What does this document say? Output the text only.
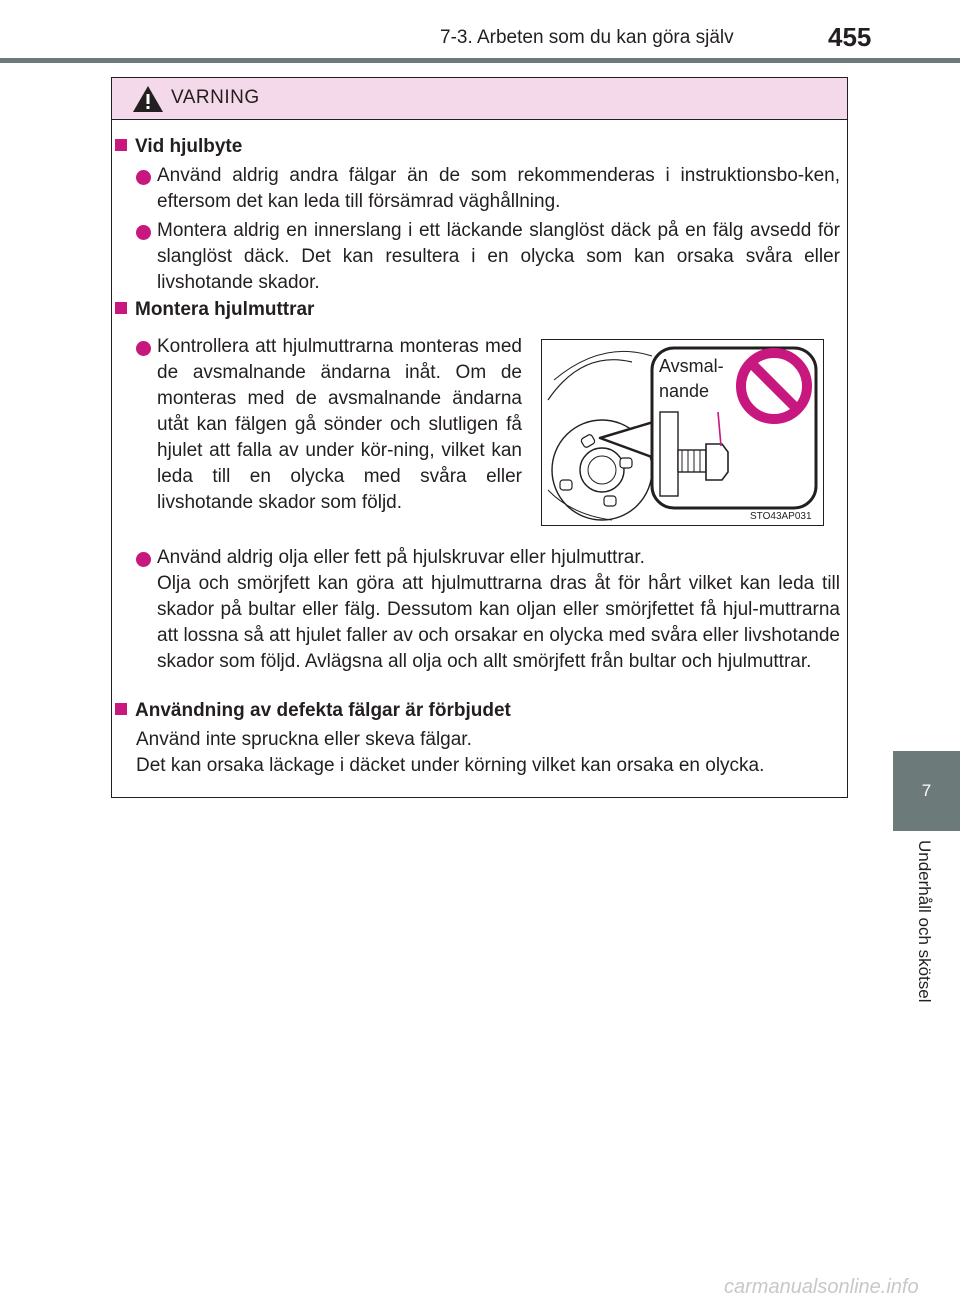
7-3. Arbeten som du kan göra själv	455
7
Underhåll och skötsel
VARNING
Vid hjulbyte
Använd aldrig andra fälgar än de som rekommenderas i instruktionsbo-ken, eftersom det kan leda till försämrad väghållning.
Montera aldrig en innerslang i ett läckande slanglöst däck på en fälg avsedd för slanglöst däck. Det kan resultera i en olycka som kan orsaka svåra eller livshotande skador.
Montera hjulmuttrar
Kontrollera att hjulmuttrarna monteras med de avsmalnande ändarna inåt. Om de monteras med de avsmalnande ändarna utåt kan fälgen gå sönder och slutligen få hjulet att falla av under kör-ning, vilket kan leda till en olycka med svåra eller livshotande skador som följd.
Avsmal-nande
STO43AP031
Använd aldrig olja eller fett på hjulskruvar eller hjulmuttrar.
Olja och smörjfett kan göra att hjulmuttrarna dras åt för hårt vilket kan leda till skador på bultar eller fälg. Dessutom kan oljan eller smörjfettet få hjul-muttrarna att lossna så att hjulet faller av och orsakar en olycka med svåra eller livshotande skador som följd. Avlägsna all olja och allt smörjfett från bultar och hjulmuttrar.
Användning av defekta fälgar är förbjudet
Använd inte spruckna eller skeva fälgar.
Det kan orsaka läckage i däcket under körning vilket kan orsaka en olycka.
carmanualsonline.info
